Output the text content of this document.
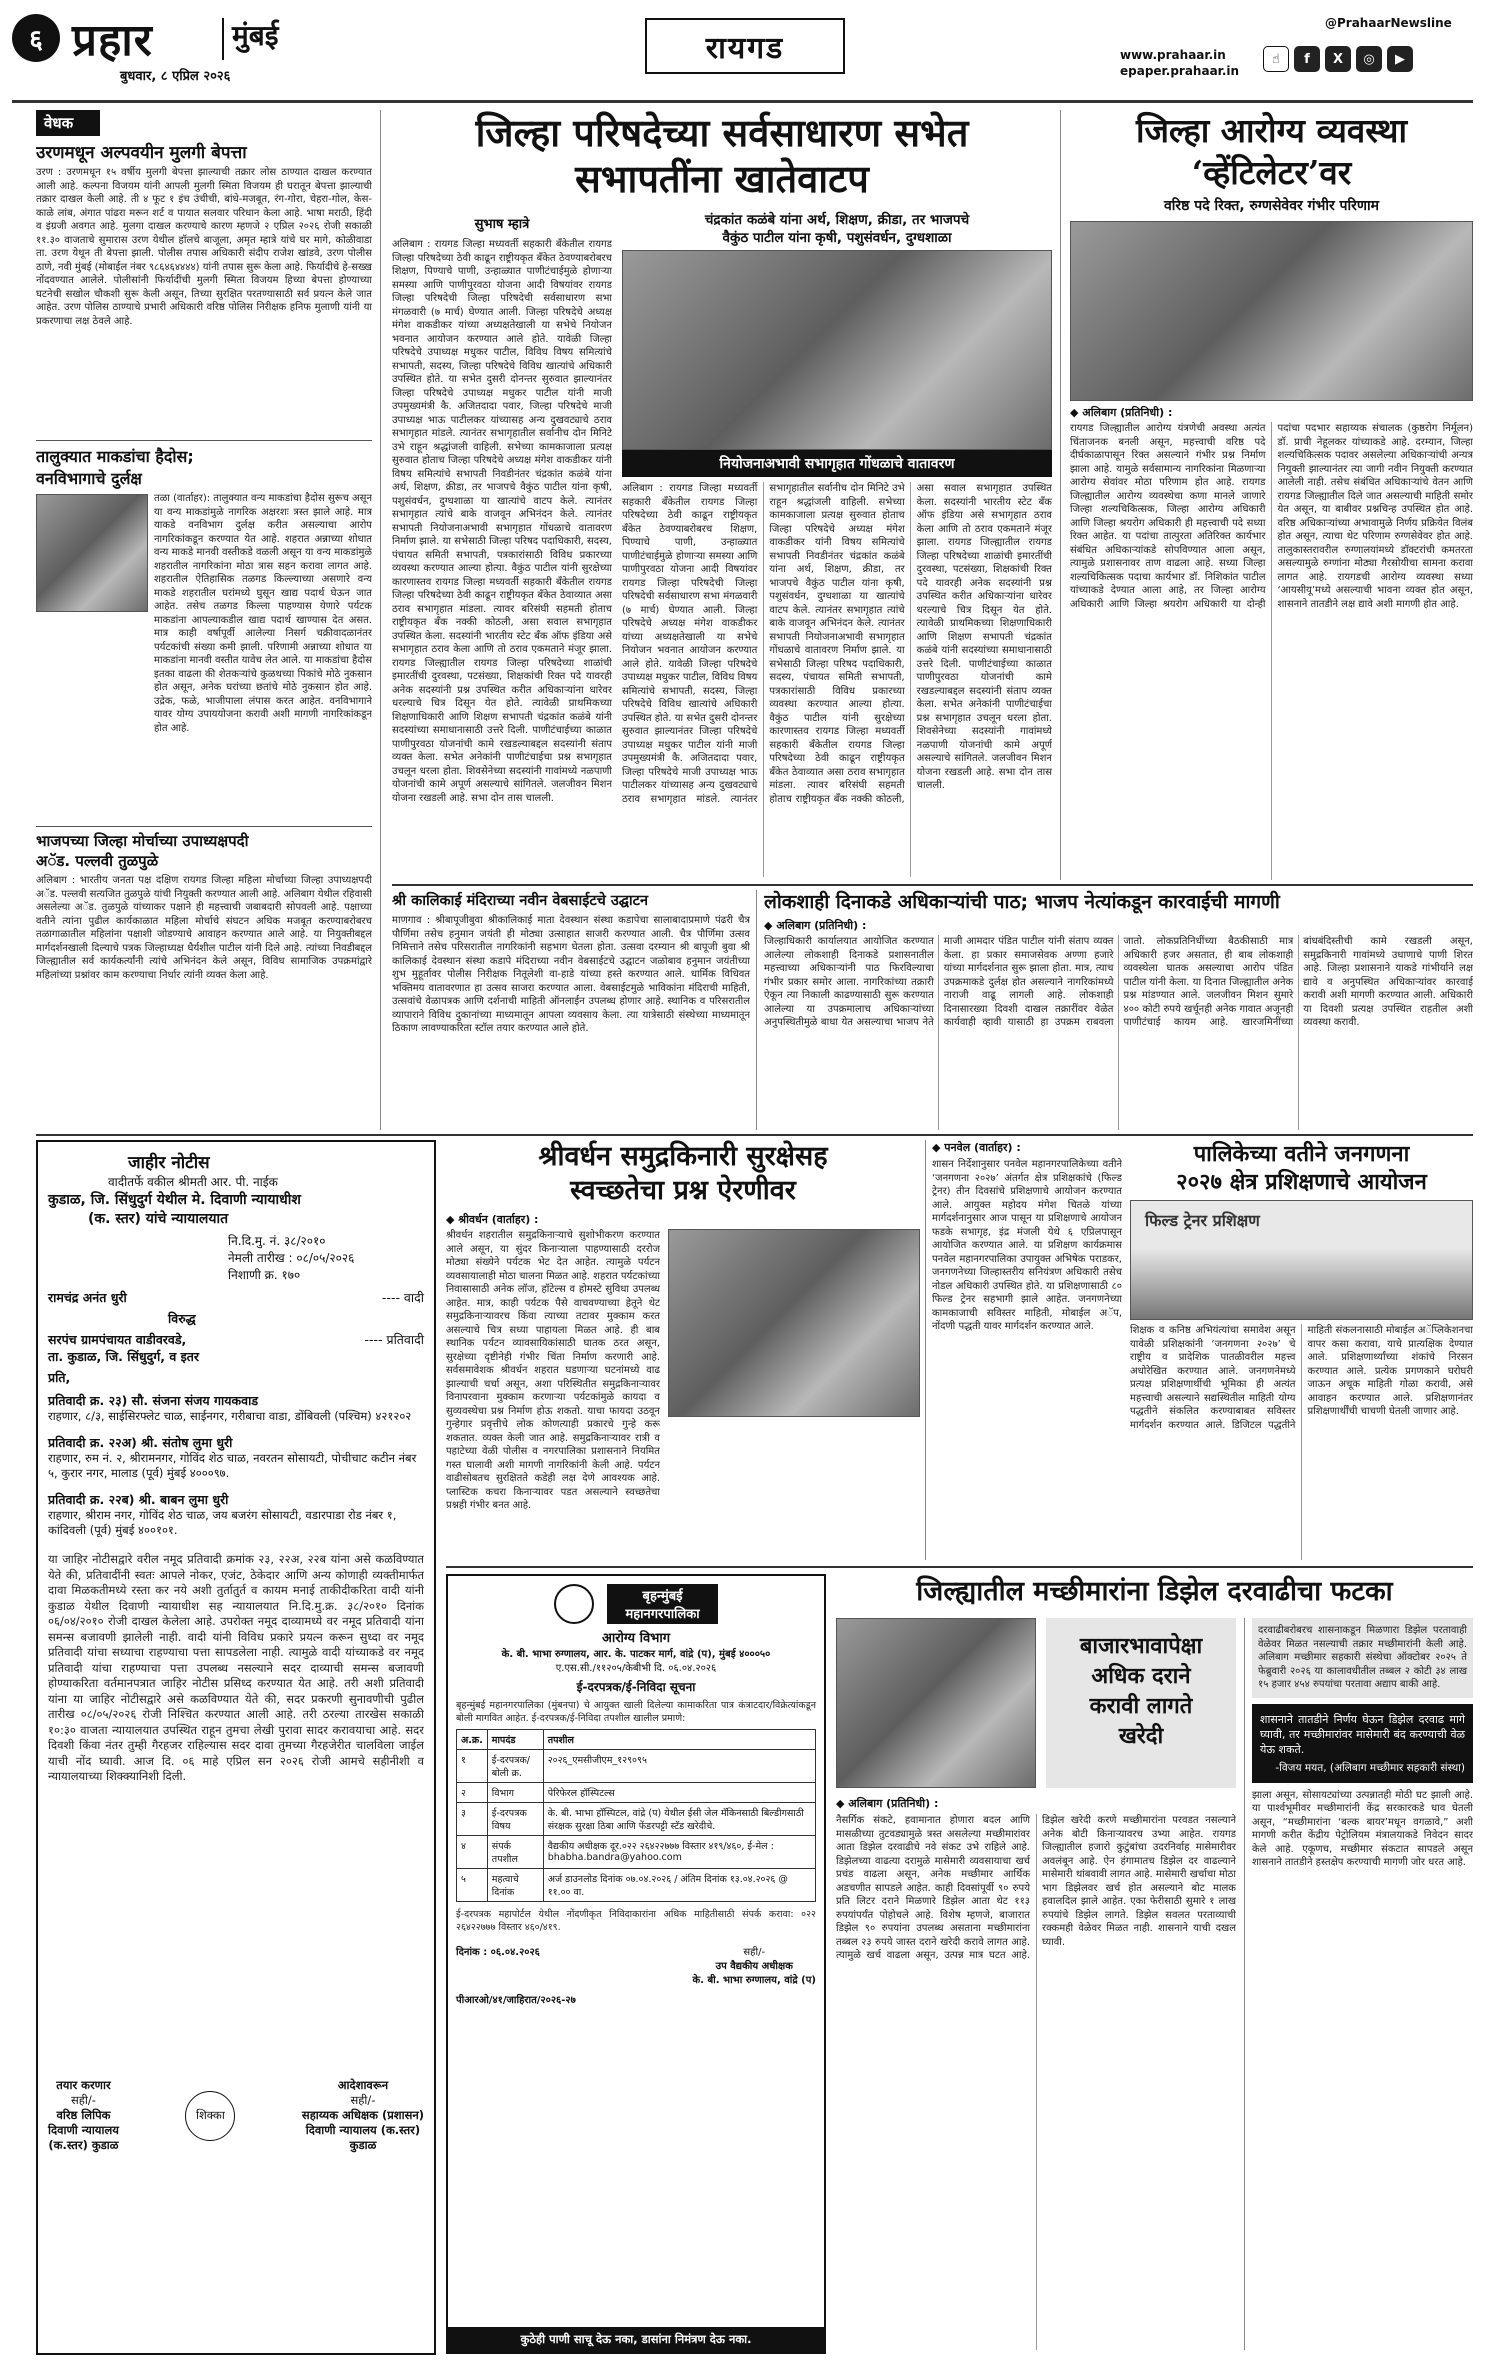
६ प्रहार	मुंबई
बुधवार, ८ एप्रिल २०२६
रायगड	www.prahaar.in
epaper.prahaar.in
@PrahaarNewsline
☝	f	X	◎	▶
वेधक
उरणमधून अल्पवयीन मुलगी बेपत्ता
उरण : उरणमधून १५ वर्षीय मुलगी बेपत्ता झाल्याची तक्रार लोस ठाण्यात दाखल करण्यात आली आहे. कल्पना विजयम यांनी आपली मुलगी स्मिता विजयम ही घरातून बेपत्ता झाल्याची तक्रार दाखल केली आहे. ती ४ फूट १ इंच उंचीची, बांधे-मजबूत, रंग-गोरा, चेहरा-गोल, केस-काळे लांब, अंगात पांढरा मरून शर्ट व पायात सलवार परिधान केला आहे. भाषा मराठी, हिंदी व इंग्रजी अवगत आहे. मुलगा दाखल करण्याचे कारण म्हणजे २ एप्रिल २०२६ रोजी सकाळी ११.३० वाजताचे सुमारास उरण येथील हॉलचे बाजूला, अमृत म्हात्रे यांचे घर मागे, कोळीवाडा ता. उरण येथून ती बेपत्ता झाली. पोलीस तपास अधिकारी संदीप राजेश खांडवे, उरण पोलीस ठाणे, नवी मुंबई (मोबाईल नंबर ९८६४६४४४४) यांनी तपास सुरू केला आहे. फिर्यादीचे हे-सख्ख नोंदवण्यात आलेले. पोलीसांनी फिर्यादींची मुलगी स्मिता विजयम हिच्या बेपत्ता होण्याच्या घटनेची सखोल चौकशी सुरू केली असून, तिच्या सुरक्षित परतण्यासाठी सर्व प्रयत्न केले जात आहेत. उरण पोलिस ठाण्याचे प्रभारी अधिकारी वरिष्ठ पोलिस निरीक्षक हनिफ मुलाणी यांनी या प्रकरणाचा लक्ष ठेवले आहे.
तालुक्यात माकडांचा हैदोस;
वनविभागाचे दुर्लक्ष
तळा (वार्ताहर): तालुक्यात वन्य माकडांचा हैदोस सुरूच असून या वन्य माकडांमुळे नागरिक अक्षरशः त्रस्त झाले आहे. मात्र याकडे वनविभाग दुर्लक्ष करीत असल्याचा आरोप नागरिकांकडून करण्यात येत आहे. शहरात अन्नाच्या शोधात वन्य माकडे मानवी वस्तीकडे वळली असून या वन्य माकडांमुळे शहरातील नागरिकांना मोठा त्रास सहन करावा लागत आहे. शहरातील ऐतिहासिक तळगड किल्ल्याच्या असणारे वन्य माकडे शहरातील घरांमध्ये घुसून खाद्य पदार्थ घेऊन जात आहेत. तसेच तळगड किल्ला पाहण्यास येणारे पर्यटक माकडांना आपल्याकडील खाद्य पदार्थ खाण्यास देत असत. मात्र काही वर्षापूर्वी आलेल्या निसर्ग चक्रीवादळानंतर पर्यटकांची संख्या कमी झाली. परिणामी अन्नाच्या शोधात या माकडांना मानवी वस्तीत यावेच लेत आले. या माकडांचा हैदोस इतका वाढला की शेतकऱ्यांचे कुळथच्या पिकांचे मोठे नुकसान होत असून, अनेक घरांच्या छतांचे मोठे नुकसान होत आहे. उद्रेक, फळे, भाजीपाला लंपास करत आहेत. वनविभागाने यावर योग्य उपाययोजना करावी अशी मागणी नागरिकांकडून होत आहे.
भाजपच्या जिल्हा मोर्चाच्या उपाध्यक्षपदी
अॅड. पल्लवी तुळपुळे
अलिबाग : भारतीय जनता पक्ष दक्षिण रायगड जिल्हा महिला मोर्चाच्या जिल्हा उपाध्यक्षपदी अॅड. पल्लवी सत्यजित तुळपुळे यांची नियुक्ती करण्यात आली आहे. अलिबाग येथील रहिवासी असलेल्या अॅड. तुळपुळे यांच्याकर पक्षाने ही महत्त्वाची जबाबदारी सोपवली आहे. पक्षाच्या वतीने त्यांना पुढील कार्यकाळात महिला मोर्चाचे संघटन अधिक मजबूत करण्याबरोबरच तळागाळातील महिलांना पक्षाशी जोडण्याचे आवाहन करण्यात आले आहे. या नियुक्तीबद्दल मार्गदर्शनखाली दिल्याचे पत्रक जिल्हाध्यक्ष धैर्यशील पाटील यांनी दिले आहे. त्यांच्या निवडीबद्दल जिल्ह्यातील सर्व कार्यकर्त्यांनी त्यांचे अभिनंदन केले असून, विविध सामाजिक उपक्रमांद्वारे महिलांच्या प्रश्नांवर काम करण्याचा निर्धार त्यांनी व्यक्त केला आहे.
जिल्हा परिषदेच्या सर्वसाधारण सभेत
सभापतींना खातेवाटप
सुभाष म्हात्रे	चंद्रकांत कळंबे यांना अर्थ, शिक्षण, क्रीडा, तर भाजपचे
वैकुंठ पाटील यांना कृषी, पशुसंवर्धन, दुग्धशाळा
नियोजनाअभावी सभागृहात गोंधळाचे वातावरण
अलिबाग : रायगड जिल्हा मध्यवर्ती सहकारी बँकेतील रायगड जिल्हा परिषदेच्या ठेवी काढून राष्ट्रीयकृत बँकेत ठेवण्याबरोबरच शिक्षण, पिण्याचे पाणी, उन्हाळ्यात पाणीटंचाईमुळे होणाऱ्या समस्या आणि पाणीपुरवठा योजना आदी विषयांवर रायगड जिल्हा परिषदेची जिल्हा परिषदेची सर्वसाधारण सभा मंगळवारी (७ मार्च) घेण्यात आली. जिल्हा परिषदेचे अध्यक्ष मंगेश वाकडीकर यांच्या अध्यक्षतेखाली या सभेचे नियोजन भवनात आयोजन करण्यात आले होते. यावेळी जिल्हा परिषदेचे उपाध्यक्ष मधुकर पाटील, विविध विषय समित्यांचे सभापती, सदस्य, जिल्हा परिषदेचे विविध खात्यांचे अधिकारी उपस्थित होते. या सभेत दुसरी दोनन्तर सुरुवात झाल्यानंतर जिल्हा परिषदेचे उपाध्यक्ष मधुकर पाटील यांनी माजी उपमुख्यमंत्री कै. अजितदादा पवार, जिल्हा परिषदेचे माजी उपाध्यक्ष भाऊ पाटीलकर यांच्यासह अन्य दुखवट्याचे ठराव सभागृहात मांडले. त्यानंतर सभागृहातील सर्वानीच दोन मिनिटे उभे राहून श्रद्धांजली वाहिली. सभेच्या कामकाजाला प्रत्यक्ष सुरुवात होताच जिल्हा परिषदेचे अध्यक्ष मंगेश वाकडीकर यांनी विषय समित्यांचे सभापती निवडीनंतर चंद्रकांत कळंबे यांना अर्थ, शिक्षण, क्रीडा, तर भाजपचे वैकुंठ पाटील यांना कृषी, पशुसंवर्धन, दुग्धशाळा या खात्यांचे वाटप केले. त्यानंतर सभागृहात त्यांचे बाके वाजवून अभिनंदन केले. त्यानंतर सभापती नियोजनाअभावी सभागृहात गोंधळाचे वातावरण निर्माण झाले. या सभेसाठी जिल्हा परिषद पदाधिकारी, सदस्य, पंचायत समिती सभापती, पत्रकारांसाठी विविध प्रकारच्या व्यवस्था करण्यात आल्या होत्या. वैकुंठ पाटील यांनी सुरक्षेच्या कारणास्तव रायगड जिल्हा मध्यवर्ती सहकारी बँकेतील रायगड जिल्हा परिषदेच्या ठेवी काढून राष्ट्रीयकृत बँकेत ठेवाव्यात असा ठराव सभागृहात मांडला. त्यावर बरिसंघी सहमती होताच राष्ट्रीयकृत बँक नक्की कोठली, असा सवाल सभागृहात उपस्थित केला. सदस्यांनी भारतीय स्टेट बँक ऑफ इंडिया असे सभागृहात ठराव केला आणि तो ठराव एकमताने मंजूर झाला. रायगड जिल्ह्यातील रायगड जिल्हा परिषदेच्या शाळांची इमारतींची दुरवस्था, पटसंख्या, शिक्षकांची रिक्त पदे यावरही अनेक सदस्यांनी प्रश्न उपस्थित करीत अधिकाऱ्यांना धारेवर धरल्याचे चित्र दिसून येत होते. त्यावेळी प्राथमिकच्या शिक्षणाधिकारी आणि शिक्षण सभापती चंद्रकांत कळंबे यांनी सदस्यांच्या समाधानासाठी उत्तरे दिली. पाणीटंचाईच्या काळात पाणीपुरवठा योजनांची कामे रखडल्याबद्दल सदस्यांनी संताप व्यक्त केला. सभेत अनेकांनी पाणीटंचाईचा प्रश्न सभागृहात उचलून धरला होता. शिवसेनेच्या सदस्यांनी गावांमध्ये नळपाणी योजनांची कामे अपूर्ण असल्याचे सांगितले. जलजीवन मिशन योजना रखडली आहे. सभा दोन तास चालली.
अलिबाग : रायगड जिल्हा मध्यवर्ती सहकारी बँकेतील रायगड जिल्हा परिषदेच्या ठेवी काढून राष्ट्रीयकृत बँकेत ठेवण्याबरोबरच शिक्षण, पिण्याचे पाणी, उन्हाळ्यात पाणीटंचाईमुळे होणाऱ्या समस्या आणि पाणीपुरवठा योजना आदी विषयांवर रायगड जिल्हा परिषदेची जिल्हा परिषदेची सर्वसाधारण सभा मंगळवारी (७ मार्च) घेण्यात आली. जिल्हा परिषदेचे अध्यक्ष मंगेश वाकडीकर यांच्या अध्यक्षतेखाली या सभेचे नियोजन भवनात आयोजन करण्यात आले होते. यावेळी जिल्हा परिषदेचे उपाध्यक्ष मधुकर पाटील, विविध विषय समित्यांचे सभापती, सदस्य, जिल्हा परिषदेचे विविध खात्यांचे अधिकारी उपस्थित होते. या सभेत दुसरी दोनन्तर सुरुवात झाल्यानंतर जिल्हा परिषदेचे उपाध्यक्ष मधुकर पाटील यांनी माजी उपमुख्यमंत्री कै. अजितदादा पवार, जिल्हा परिषदेचे माजी उपाध्यक्ष भाऊ पाटीलकर यांच्यासह अन्य दुखवट्याचे ठराव सभागृहात मांडले. त्यानंतर सभागृहातील सर्वानीच दोन मिनिटे उभे राहून श्रद्धांजली वाहिली. सभेच्या कामकाजाला प्रत्यक्ष सुरुवात होताच जिल्हा परिषदेचे अध्यक्ष मंगेश वाकडीकर यांनी विषय समित्यांचे सभापती निवडीनंतर चंद्रकांत कळंबे यांना अर्थ, शिक्षण, क्रीडा, तर भाजपचे वैकुंठ पाटील यांना कृषी, पशुसंवर्धन, दुग्धशाळा या खात्यांचे वाटप केले. त्यानंतर सभागृहात त्यांचे बाके वाजवून अभिनंदन केले. त्यानंतर सभापती नियोजनाअभावी सभागृहात गोंधळाचे वातावरण निर्माण झाले. या सभेसाठी जिल्हा परिषद पदाधिकारी, सदस्य, पंचायत समिती सभापती, पत्रकारांसाठी विविध प्रकारच्या व्यवस्था करण्यात आल्या होत्या. वैकुंठ पाटील यांनी सुरक्षेच्या कारणास्तव रायगड जिल्हा मध्यवर्ती सहकारी बँकेतील रायगड जिल्हा परिषदेच्या ठेवी काढून राष्ट्रीयकृत बँकेत ठेवाव्यात असा ठराव सभागृहात मांडला. त्यावर बरिसंघी सहमती होताच राष्ट्रीयकृत बँक नक्की कोठली, असा सवाल सभागृहात उपस्थित केला. सदस्यांनी भारतीय स्टेट बँक ऑफ इंडिया असे सभागृहात ठराव केला आणि तो ठराव एकमताने मंजूर झाला. रायगड जिल्ह्यातील रायगड जिल्हा परिषदेच्या शाळांची इमारतींची दुरवस्था, पटसंख्या, शिक्षकांची रिक्त पदे यावरही अनेक सदस्यांनी प्रश्न उपस्थित करीत अधिकाऱ्यांना धारेवर धरल्याचे चित्र दिसून येत होते. त्यावेळी प्राथमिकच्या शिक्षणाधिकारी आणि शिक्षण सभापती चंद्रकांत कळंबे यांनी सदस्यांच्या समाधानासाठी उत्तरे दिली. पाणीटंचाईच्या काळात पाणीपुरवठा योजनांची कामे रखडल्याबद्दल सदस्यांनी संताप व्यक्त केला. सभेत अनेकांनी पाणीटंचाईचा प्रश्न सभागृहात उचलून धरला होता. शिवसेनेच्या सदस्यांनी गावांमध्ये नळपाणी योजनांची कामे अपूर्ण असल्याचे सांगितले. जलजीवन मिशन योजना रखडली आहे. सभा दोन तास चालली.
जिल्हा आरोग्य व्यवस्था
‘व्हेंटिलेटर’वर
वरिष्ठ पदे रिक्त, रुग्णसेवेवर गंभीर परिणाम
◆ अलिबाग (प्रतिनिधी) :
रायगड जिल्ह्यातील आरोग्य यंत्रणेची अवस्था अत्यंत चिंताजनक बनली असून, महत्त्वाची वरिष्ठ पदे दीर्घकाळापासून रिक्त असल्याने गंभीर प्रश्न निर्माण झाला आहे. यामुळे सर्वसामान्य नागरिकांना मिळणाऱ्या आरोग्य सेवांवर मोठा परिणाम होत आहे. रायगड जिल्ह्यातील आरोग्य व्यवस्थेचा कणा मानले जाणारे जिल्हा शल्यचिकित्सक, जिल्हा आरोग्य अधिकारी आणि जिल्हा श्रयरोग अधिकारी ही महत्त्वाची पदे सध्या रिक्त आहेत. या पदांचा तात्पुरता अतिरिक्त कार्यभार संबंधित अधिकाऱ्यांकडे सोपविण्यात आला असून, त्यामुळे प्रशासनावर ताण वाढला आहे. सध्या जिल्हा शल्यचिकित्सक पदाचा कार्यभार डॉ. निशिकांत पाटील यांच्याकडे देण्यात आला आहे, तर जिल्हा आरोग्य अधिकारी आणि जिल्हा श्रयरोग अधिकारी या दोन्ही पदांचा पदभार सहाय्यक संचालक (कुष्ठरोग निर्मूलन) डॉ. प्राची नेहूलकर यांच्याकडे आहे. दरम्यान, जिल्हा शल्यचिकित्सक पदावर असलेल्या अधिकाऱ्यांची अन्यत्र नियुक्ती झाल्यानंतर त्या जागी नवीन नियुक्ती करण्यात आलेली नाही. तसेच संबंधित अधिकाऱ्यांचे वेतन आणि रायगड जिल्ह्यातील दिले जात असल्याची माहिती समोर येत असून, या बाबीवर प्रश्नचिन्ह उपस्थित होत आहे. वरिष्ठ अधिकाऱ्यांच्या अभावामुळे निर्णय प्रक्रियेत विलंब होत असून, त्याचा थेट परिणाम रुग्णसेवेवर होत आहे. तालुकास्तरावरील रुग्णालयांमध्ये डॉक्टरांची कमतरता असल्यामुळे रुग्णांना मोठ्या गैरसोयीचा सामना करावा लागत आहे. रायगडची आरोग्य व्यवस्था सध्या ‘आयसीयू’मध्ये असल्याची भावना व्यक्त होत असून, शासनाने तातडीने लक्ष द्यावे अशी मागणी होत आहे.
श्री कालिकाई मंदिराच्या नवीन वेबसाईटचे उद्घाटन
माणगाव : श्रीबापूजीबुवा श्रीकालिकाई माता देवस्थान संस्था कडापेचा सालाबादाप्रमाणे पंढरी चैत्र पौर्णिमा तसेच हनुमान जयंती ही मोठ्या उत्साहात साजरी करण्यात आली. चैत्र पौर्णिमा उत्सव निमित्ताने तसेच परिसरातील नागरिकांनी सहभाग घेतला होता. उत्सवा दरम्यान श्री बापूजी बुवा श्री कालिकाई देवस्थान संस्था कडापे मंदिराच्या नवीन वेबसाईटचे उद्घाटन जळोबाव हनुमान जयंतीच्या शुभ मुहूर्तावर पोलीस निरीक्षक नितूलेशी वा-हाडे यांच्या हस्ते करण्यात आले. धार्मिक विधिवत भक्तिमय वातावरणात हा उत्सव साजरा करण्यात आला. वेबसाईटमुळे भाविकांना मंदिराची माहिती, उत्सवांचे वेळापत्रक आणि दर्शनाची माहिती ऑनलाईन उपलब्ध होणार आहे. स्थानिक व परिसरातील व्यापाराने विविध दुकानांच्या माध्यमातून आपला व्यवसाय केला. त्या यात्रेसाठी संस्थेच्या माध्यमातून ठिकाण लावण्याकरिता स्टॉल तयार करण्यात आले होते.
लोकशाही दिनाकडे अधिकाऱ्यांची पाठ; भाजप नेत्यांकडून कारवाईची मागणी
◆ अलिबाग (प्रतिनिधी) :
जिल्हाधिकारी कार्यालयात आयोजित करण्यात आलेल्या लोकशाही दिनाकडे प्रशासनातील महत्त्वाच्या अधिकाऱ्यांनी पाठ फिरविल्याचा गंभीर प्रकार समोर आला. नागरिकांच्या तक्रारी ऐकून त्या निकाली काढण्यासाठी सुरू करण्यात आलेल्या या उपक्रमालाच अधिकाऱ्यांच्या अनुपस्थितीमुळे बाधा येत असल्याचा भाजप नेते माजी आमदार पंडित पाटील यांनी संताप व्यक्त केला. हा प्रकार समाजसेवक अण्णा हजारे यांच्या मार्गदर्शनात सुरू झाला होता. मात्र, त्याच उपक्रमाकडे दुर्लक्ष होत असल्याने नागरिकांमध्ये नाराजी वाढू लागली आहे. लोकशाही दिनासारख्या दिवशी दाखल तक्रारींवर वेळेत कार्यवाही व्हावी यासाठी हा उपक्रम राबवला जातो. लोकप्रतिनिधींच्या बैठकीसाठी मात्र अधिकारी हजर असतात, ही बाब लोकशाही व्यवस्थेला घातक असल्याचा आरोप पंडित पाटील यांनी केला. या दिनात जिल्ह्यातील अनेक प्रश्न मांडण्यात आले. जलजीवन मिशन सुमारे ४०० कोटी रुपये खर्चूनही अनेक गावात अजूनही पाणीटंचाई कायम आहे. खारजमिनींच्या बांधबंदिस्तीची कामे रखडली असून, समुद्रकिनारी गावांमध्ये उधाणाचे पाणी शिरत आहे. जिल्हा प्रशासनाने याकडे गांभीर्याने लक्ष द्यावे व अनुपस्थित अधिकाऱ्यांवर कारवाई करावी अशी मागणी करण्यात आली. अधिकारी या दिवशी प्रत्यक्ष उपस्थित राहतील अशी व्यवस्था करावी.
जाहीर नोटीस
वादीतर्फे वकील श्रीमती आर. पी. नाईक
कुडाळ, जि. सिंधुदुर्ग येथील मे. दिवाणी न्यायाधीश
(क. स्तर) यांचे न्यायालयात
नि.दि.मु. नं. ३८/२०१०
नेमली तारीख : ०८/०५/२०२६
निशाणी क्र. १७०
रामचंद्र अनंत धुरी	---- वादी
विरुद्ध
सरपंच ग्रामपंचायत वाडीवरवडे,	---- प्रतिवादी
ता. कुडाळ, जि. सिंधुदुर्ग, व इतर
प्रति,
प्रतिवादी क्र. २३) सौ. संजना संजय गायकवाड
राहणार, ८/३, साईसिरफ्लेट चाळ, साईनगर, गरीबाचा वाडा, डोंबिवली (पश्चिम) ४२१२०२
प्रतिवादी क्र. २२अ) श्री. संतोष लुमा धुरी
राहणार, रुम नं. २, श्रीरामनगर, गोविंद शेठ चाळ, नवरतन सोसायटी, पोचीचाट कटीन नंबर ५, कुरार नगर, मालाड (पूर्व) मुंबई ४०००९७.
प्रतिवादी क्र. २२ब) श्री. बाबन लुमा धुरी
राहणार, श्रीराम नगर, गोविंद शेठ चाळ, जय बजरंग सोसायटी, वडारपाडा रोड नंबर १, कांदिवली (पूर्व) मुंबई ४००१०१.
या जाहिर नोटीसद्वारे वरील नमूद प्रतिवादी क्रमांक २३, २२अ, २२ब यांना असे कळविण्यात येते की, प्रतिवादींनी स्वतः आपले नोकर, एजंट, ठेकेदार आणि अन्य कोणाही व्यक्तीमार्फत दावा मिळकतीमध्ये रस्ता कर नये अशी तुर्तातुर्त व कायम मनाई ताकीदीकरिता वादी यांनी कुडाळ येथील दिवाणी न्यायाधीश सह न्यायालयात नि.दि.मु.क्र. ३८/२०१० दिनांक ०६/०४/२०१० रोजी दाखल केलेला आहे. उपरोक्त नमूद दाव्यामध्ये वर नमूद प्रतिवादी यांना समन्स बजावणी झालेली नाही. वादी यांनी विविध प्रकारे प्रयत्न करून सुध्दा वर नमूद प्रतिवादी यांचा सध्याचा राहण्याचा पत्ता सापडलेला नाही. त्यामुळे वादी यांच्याकडे वर नमूद प्रतिवादी यांचा राहण्याचा पत्ता उपलब्ध नसल्याने सदर दाव्याची समन्स बजावणी होण्याकरिता वर्तमानपत्रात जाहिर नोटीस प्रसिध्द करण्यात येत आहे. तरी अशी प्रतिवादी यांना या जाहिर नोटीसद्वारे असे कळविण्यात येते की, सदर प्रकरणी सुनावणीची पुढील तारीख ०८/०५/२०२६ रोजी निश्चित करण्यात आली आहे. तरी ठरल्या तारखेस सकाळी १०:३० वाजता न्यायालयात उपस्थित राहून तुमचा लेखी पुरावा सादर करावयाचा आहे. सदर दिवशी किंवा नंतर तुम्ही गैरहजर राहिल्यास सदर दावा तुमच्या गैरहजेरीत चालविला जाईल याची नोंद घ्यावी. आज दि. ०६ माहे एप्रिल सन २०२६ रोजी आमचे सहीनीशी व न्यायालयाच्या शिक्क्यानिशी दिली.
तयार करणार
सही/-
वरिष्ठ लिपिक
दिवाणी न्यायालय
(क.स्तर) कुडाळ
शिक्का
आदेशावरून
सही/-
सहाय्यक अधिक्षक (प्रशासन)
दिवाणी न्यायालय (क.स्तर)
कुडाळ
श्रीवर्धन समुद्रकिनारी सुरक्षेसह
स्वच्छतेचा प्रश्न ऐरणीवर
◆ श्रीवर्धन (वार्ताहर) :
श्रीवर्धन शहरातील समुद्रकिनाऱ्याचे सुशोभीकरण करण्यात आले असून, या सुंदर किनाऱ्याला पाहण्यासाठी दररोज मोठ्या संख्येने पर्यटक भेट देत आहेत. त्यामुळे पर्यटन व्यवसायालाही मोठा चालना मिळत आहे. शहरात पर्यटकांच्या निवासासाठी अनेक लॉज, हॉटेल्स व होमस्टे सुविधा उपलब्ध आहेत. मात्र, काही पर्यटक पैसे वाचवण्याच्या हेतूने थेट समुद्रकिनाऱ्यावरच किंवा त्याच्या तटावर मुक्काम करत असल्याचे चित्र सध्या पाहायला मिळत आहे. ही बाब स्थानिक पर्यटन व्यावसायिकांसाठी घातक ठरत असून, सुरक्षेच्या दृष्टीनेही गंभीर चिंता निर्माण करणारी आहे. सर्वसमावेशक श्रीवर्धन शहरात घडणाऱ्या घटनांमध्ये वाढ झाल्याची चर्चा असून, अशा परिस्थितीत समुद्रकिनाऱ्यावर विनापरवाना मुक्काम करणाऱ्या पर्यटकांमुळे कायदा व सुव्यवस्थेचा प्रश्न निर्माण होऊ शकतो. याचा फायदा उठवून गुन्हेगार प्रवृत्तीचे लोक कोणत्याही प्रकारचे गुन्हे करू शकतात. व्यक्त केली जात आहे. समुद्रकिनाऱ्यावर रात्री व पहाटेच्या वेळी पोलीस व नगरपालिका प्रशासनाने नियमित गस्त घालावी अशी मागणी नागरिकांनी केली आहे. पर्यटन वाढीसोबतच सुरक्षितते कडेही लक्ष देणे आवश्यक आहे. प्लास्टिक कचरा किनाऱ्यावर पडत असल्याने स्वच्छतेचा प्रश्नही गंभीर बनत आहे.
◆ पनवेल (वार्ताहर) :
शासन निर्देशानुसार पनवेल महानगरपालिकेच्या वतीने ‘जनगणना २०२७’ अंतर्गत क्षेत्र प्रशिक्षकांचे (फिल्ड ट्रेनर) तीन दिवसांचे प्रशिक्षणाचे आयोजन करण्यात आले. आयुक्त महोदय मंगेश चितळे यांच्या मार्गदर्शनानुसार आज पासून या प्रशिक्षणाचे आयोजन फडके सभागृह, इंद्र मंजली येथे ६ एप्रिलपासून आयोजित करण्यात आले. या प्रशिक्षण कार्यक्रमास पनवेल महानगरपालिका उपायुक्त अभिषेक पराडकर, जनगणनेच्या जिल्हास्तरीय सनियंत्रण अधिकारी तसेच नोडल अधिकारी उपस्थित होते. या प्रशिक्षणासाठी ८० फिल्ड ट्रेनर सहभागी झाले आहेत. जनगणनेच्या कामकाजाची सविस्तर माहिती, मोबाईल अॅप, नोंदणी पद्धती यावर मार्गदर्शन करण्यात आले.
पालिकेच्या वतीने जनगणना
२०२७ क्षेत्र प्रशिक्षणाचे आयोजन
फिल्ड ट्रेनर प्रशिक्षण
शिक्षक व कनिष्ठ अभियंत्यांचा समावेश असून यावेळी प्रशिक्षकांनी ‘जनगणना २०२७’ चे राष्ट्रीय व प्रादेशिक पातळीवरील महत्त्व अधोरेखित करण्यात आले. जनगणनेमध्ये प्रत्यक्ष प्रशिक्षणार्थीची भूमिका ही अत्यंत महत्त्वाची असल्याने सद्यस्थितील माहिती योग्य पद्धतीने संकलित करण्याबाबत सविस्तर मार्गदर्शन करण्यात आले. डिजिटल पद्धतीने माहिती संकलनासाठी मोबाईल अॅप्लिकेशनचा वापर कसा करावा, याचे प्रात्यक्षिक देण्यात आले. प्रशिक्षणार्थ्यांच्या शंकांचे निरसन करण्यात आले. प्रत्येक प्रगणकाने घरोघरी जाऊन अचूक माहिती गोळा करावी, असे आवाहन करण्यात आले. प्रशिक्षणानंतर प्रशिक्षणार्थींची चाचणी घेतली जाणार आहे.

बृहन्मुंबई
महानगरपालिका
आरोग्य विभाग
के. बी. भाभा रुग्णालय, आर. के. पाटकर मार्ग, वांद्रे (प), मुंबई ४०००५०
ए.एस.सी./११२०५/केबीभी दि. ०६.०४.२०२६
ई-दरपत्रक/ई-निविदा सूचना
बृहन्मुंबई महानगरपालिका (मुंबनपा) चे आयुक्त खाली दिलेल्या कामाकरिता पात्र कंत्राटदार/विक्रेत्यांकडून बोली मागवित आहेत. ई-दरपत्रक/ई-निविदा तपशील खालील प्रमाणे:
अ.क्र.	मापदंड	तपशील
१	ई-दरपत्रक/बोली क्र.	२०२६_एमसीजीएम_१२९०९५
२	विभाग	पेरिफेरल हॉस्पिटल्स
३	ई-दरपत्रक विषय	के. बी. भाभा हॉस्पिटल, वांद्रे (प) येथील ईसी जेल मॅकिनसाठी बिल्डीगसाठी संरक्षक सुरक्षा ठिबा आणि फेंडरपट्टी स्टॅड खरेदीचे.
४	संपर्क तपशील	वैद्यकीय अधीक्षक दूर.०२२ २६४२२७७७ विस्तार ४१९/४६०, ई-मेल : bhabha.bandra@yahoo.com
५	महत्वाचे दिनांक	अर्ज डाउनलोड दिनांक ०७.०४.२०२६ / अंतिम दिनांक १३.०४.२०२६ @ ११.०० वा.
ई-दरपत्रक महापोर्टल येथील नोंदणीकृत निविदाकारांना अधिक माहितीसाठी संपर्क करावा: ०२२ २६४२२७७७ विस्तार ४६०/४१९.
दिनांक : ०६.०४.२०२६	सही/-
उप वैद्यकीय अधीक्षक
के. बी. भाभा रुग्णालय, वांद्रे (प)
पीआरओ/४१/जाहिरात/२०२६-२७
कुठेही पाणी साचू देऊ नका, डासांना निमंत्रण देऊ नका.
जिल्ह्यातील मच्छीमारांना डिझेल दरवाढीचा फटका
बाजारभावापेक्षा
अधिक दराने
करावी लागते
खरेदी
◆ अलिबाग (प्रतिनिधी) :
नैसर्गिक संकटे, हवामानात होणारा बदल आणि मासळीच्या तुटवड्यामुळे त्रस्त असलेल्या मच्छीमारांवर आता डिझेल दरवाढीचे नवे संकट उभे राहिले आहे. डिझेलच्या वाढत्या दरामुळे मासेमारी व्यवसायाचा खर्च प्रचंड वाढला असून, अनेक मच्छीमार आर्थिक अडचणीत सापडले आहेत. काही दिवसांपूर्वी ९० रुपये प्रति लिटर दराने मिळणारे डिझेल आता थेट ११३ रुपयांपर्यंत पोहोचले आहे. विशेष म्हणजे, बाजारात डिझेल ९० रुपयांना उपलब्ध असताना मच्छीमारांना तब्बल २३ रुपये जास्त दराने खरेदी करावे लागत आहे. त्यामुळे खर्च वाढला असून, उत्पन्न मात्र घटत आहे. डिझेल खरेदी करणे मच्छीमारांना परवडत नसल्याने अनेक बोटी किनाऱ्यावरच उभ्या आहेत. रायगड जिल्ह्यातील हजारो कुटुंबांचा उदरनिर्वाह मासेमारीवर अवलंबून आहे. ऐन हंगामातच डिझेल दर वाढल्याने मासेमारी थांबवावी लागत आहे. मासेमारी खर्चाचा मोठा भाग डिझेलवर खर्च होत असल्याने बोट मालक हवालदिल झाले आहेत. एका फेरीसाठी सुमारे १ लाख रुपयांचे डिझेल लागते. डिझेल सवलत परताव्याची रक्कमही वेळेवर मिळत नाही. शासनाने याची दखल घ्यावी.
दरवाढीबरोबरच शासनाकडून मिळणारा डिझेल परतावाही वेळेवर मिळत नसल्याची तक्रार मच्छीमारांनी केली आहे. अलिबाग मच्छीमार सहकारी संस्थेचा ऑक्टोबर २०२५ ते फेब्रुवारी २०२६ या कालावधीतील तब्बल २ कोटी ३४ लाख १५ हजार ४५४ रुपयांचा परतावा अद्याप बाकी आहे.
शासनाने तातडीने निर्णय घेऊन डिझेल दरवाढ मागे घ्यावी, तर मच्छीमारांवर मासेमारी बंद करण्याची वेळ येऊ शकते.
-विजय मयत, (अलिबाग मच्छीमार सहकारी संस्था)
झाला असून, सोसायट्यांच्या उत्पन्नातही मोठी घट झाली आहे. या पार्श्वभूमीवर मच्छीमारांनी केंद्र सरकारकडे धाव घेतली असून, “मच्छीमारांना ‘बल्क बायर’मधून वगळावे,” अशी मागणी करीत केंद्रीय पेट्रोलियम मंत्रालयाकडे निवेदन सादर केले आहे. एकूणच, मच्छीमार संकटात सापडले असून शासनाने तातडीने हस्तक्षेप करण्याची मागणी जोर धरत आहे.
